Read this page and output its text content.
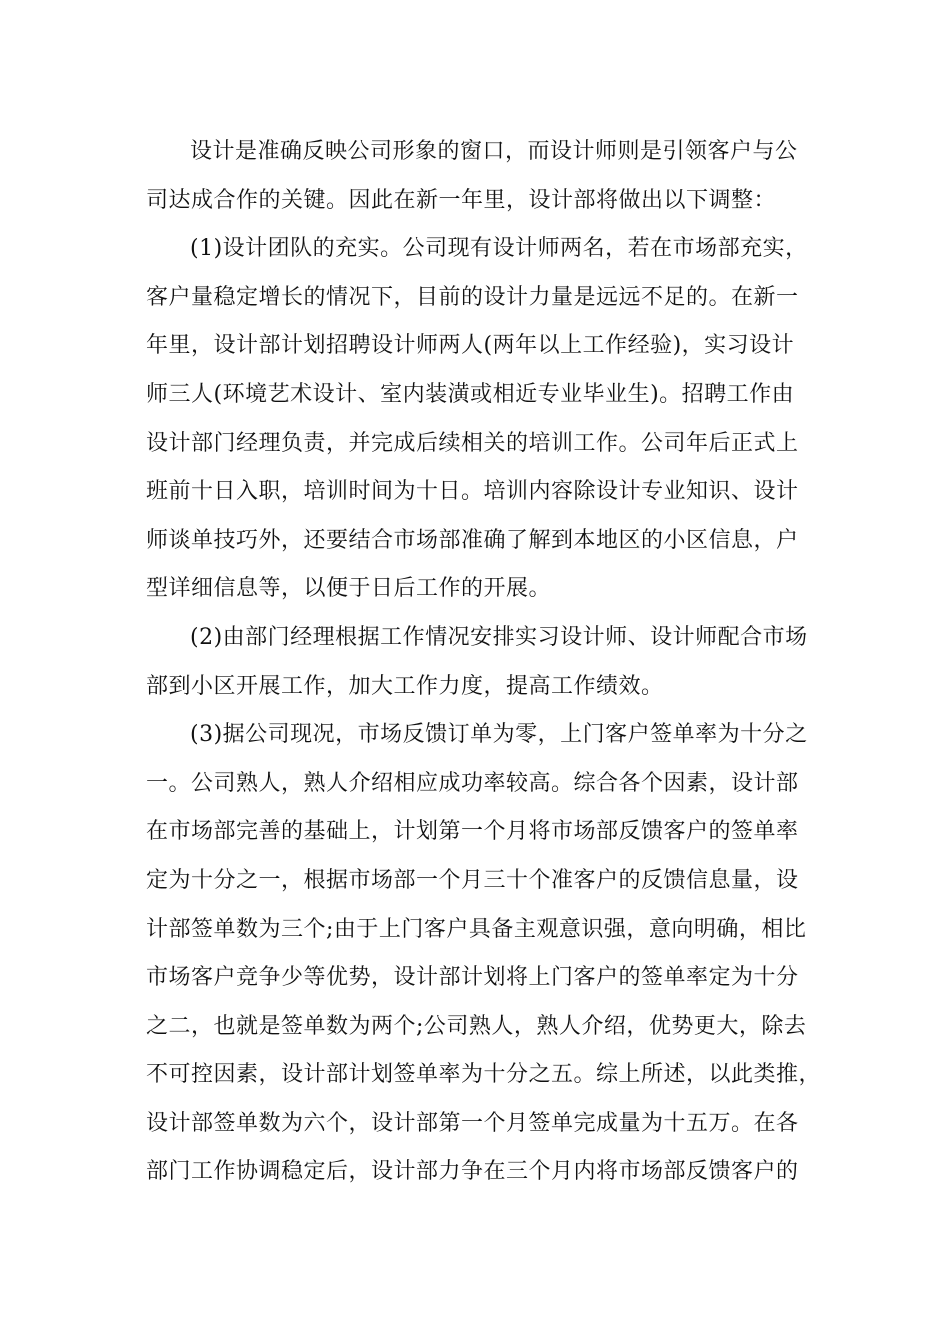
设计是准确反映公司形象的窗口，而设计师则是引领客户与公
司达成合作的关键。因此在新一年里，设计部将做出以下调整：
(1)设计团队的充实。公司现有设计师两名，若在市场部充实，
客户量稳定增长的情况下，目前的设计力量是远远不足的。在新一
年里，设计部计划招聘设计师两人(两年以上工作经验)，实习设计
师三人(环境艺术设计、室内装潢或相近专业毕业生)。招聘工作由
设计部门经理负责，并完成后续相关的培训工作。公司年后正式上
班前十日入职，培训时间为十日。培训内容除设计专业知识、设计
师谈单技巧外，还要结合市场部准确了解到本地区的小区信息，户
型详细信息等，以便于日后工作的开展。
(2)由部门经理根据工作情况安排实习设计师、设计师配合市场
部到小区开展工作，加大工作力度，提高工作绩效。
(3)据公司现况，市场反馈订单为零，上门客户签单率为十分之
一。公司熟人，熟人介绍相应成功率较高。综合各个因素，设计部
在市场部完善的基础上，计划第一个月将市场部反馈客户的签单率
定为十分之一，根据市场部一个月三十个准客户的反馈信息量，设
计部签单数为三个;由于上门客户具备主观意识强，意向明确，相比
市场客户竞争少等优势，设计部计划将上门客户的签单率定为十分
之二，也就是签单数为两个;公司熟人，熟人介绍，优势更大，除去
不可控因素，设计部计划签单率为十分之五。综上所述，以此类推，
设计部签单数为六个，设计部第一个月签单完成量为十五万。在各
部门工作协调稳定后，设计部力争在三个月内将市场部反馈客户的
